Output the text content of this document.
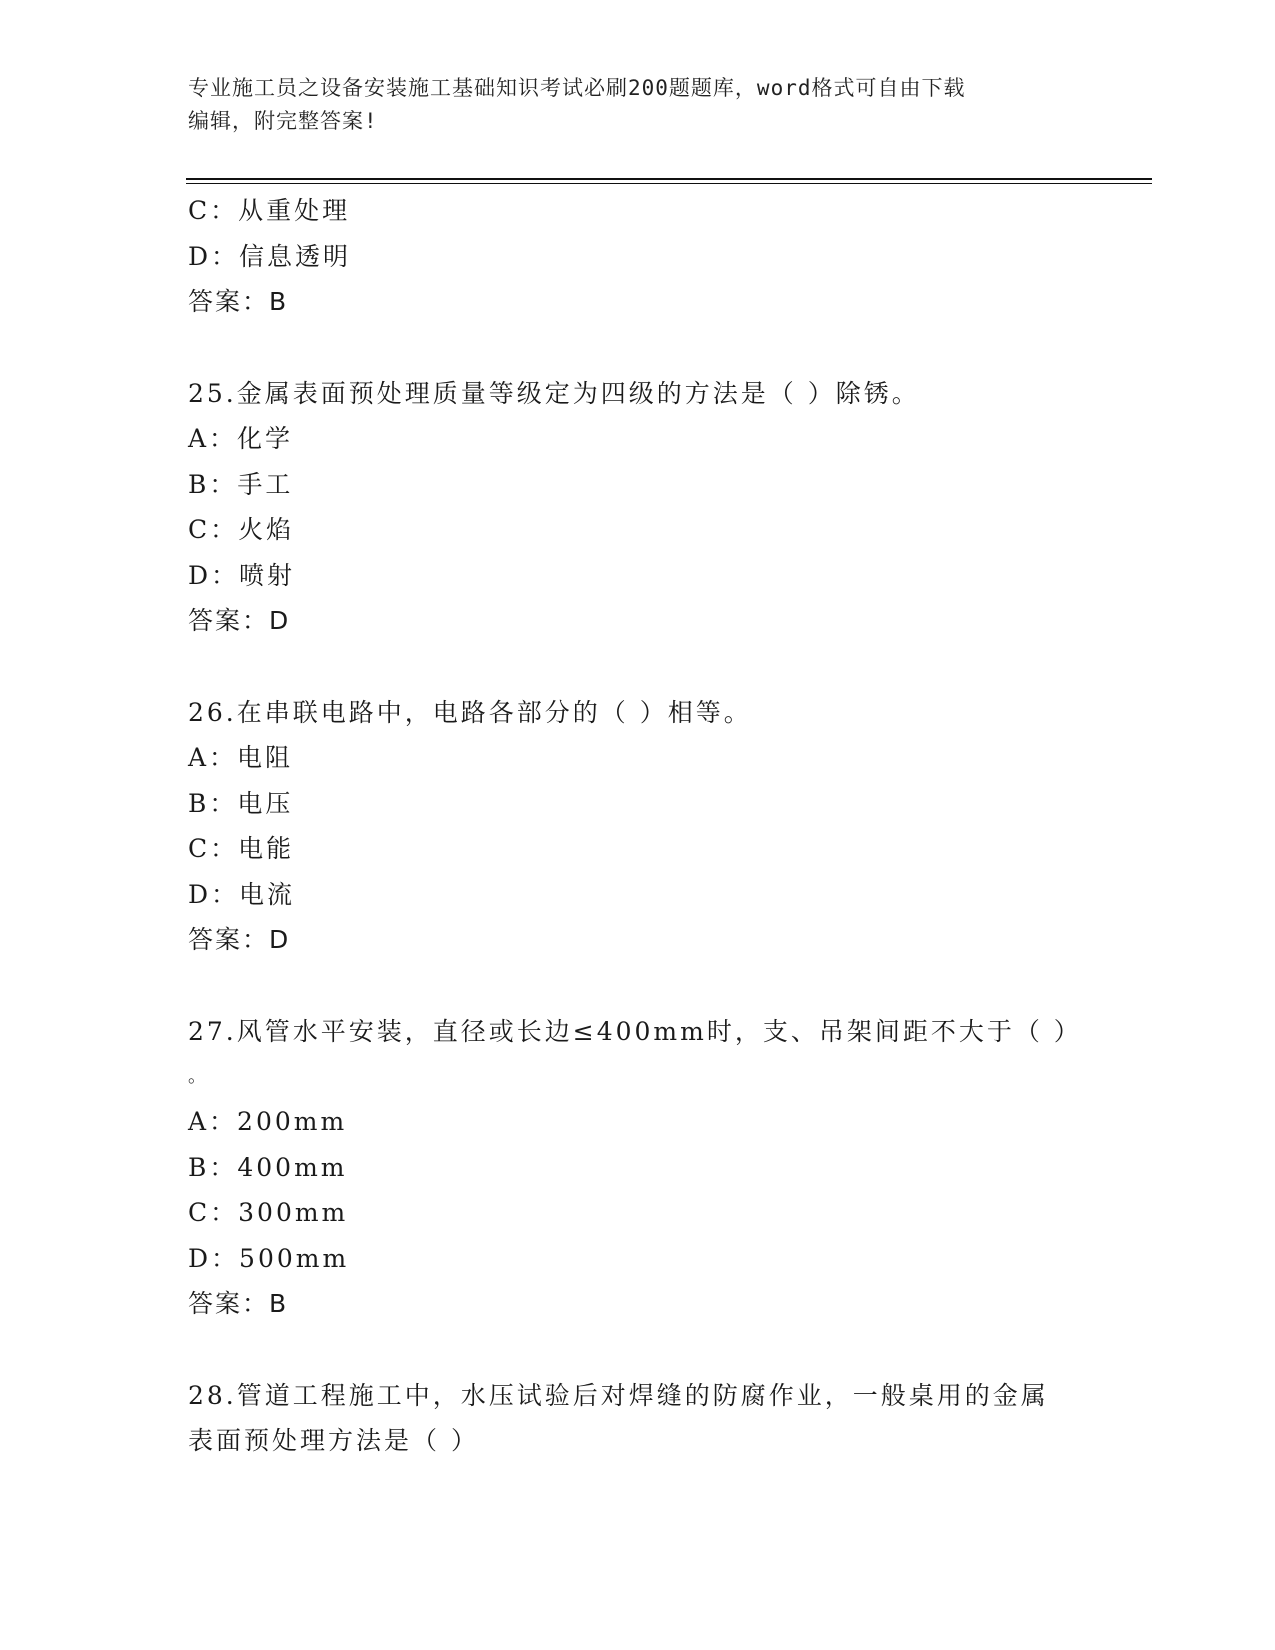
专业施工员之设备安装施工基础知识考试必刷200题题库，word格式可自由下载
编辑，附完整答案!
C：从重处理
D：信息透明
答案：B
25.金属表面预处理质量等级定为四级的方法是（ ）除锈。
A：化学
B：手工
C：火焰
D：喷射
答案：D
26.在串联电路中，电路各部分的（ ）相等。
A：电阻
B：电压
C：电能
D：电流
答案：D
27.风管水平安装，直径或长边≤400mm时，支、吊架间距不大于（ ）
。
A：200mm
B：400mm
C：300mm
D：500mm
答案：B
28.管道工程施工中，水压试验后对焊缝的防腐作业，一般桌用的金属
表面预处理方法是（ ）
